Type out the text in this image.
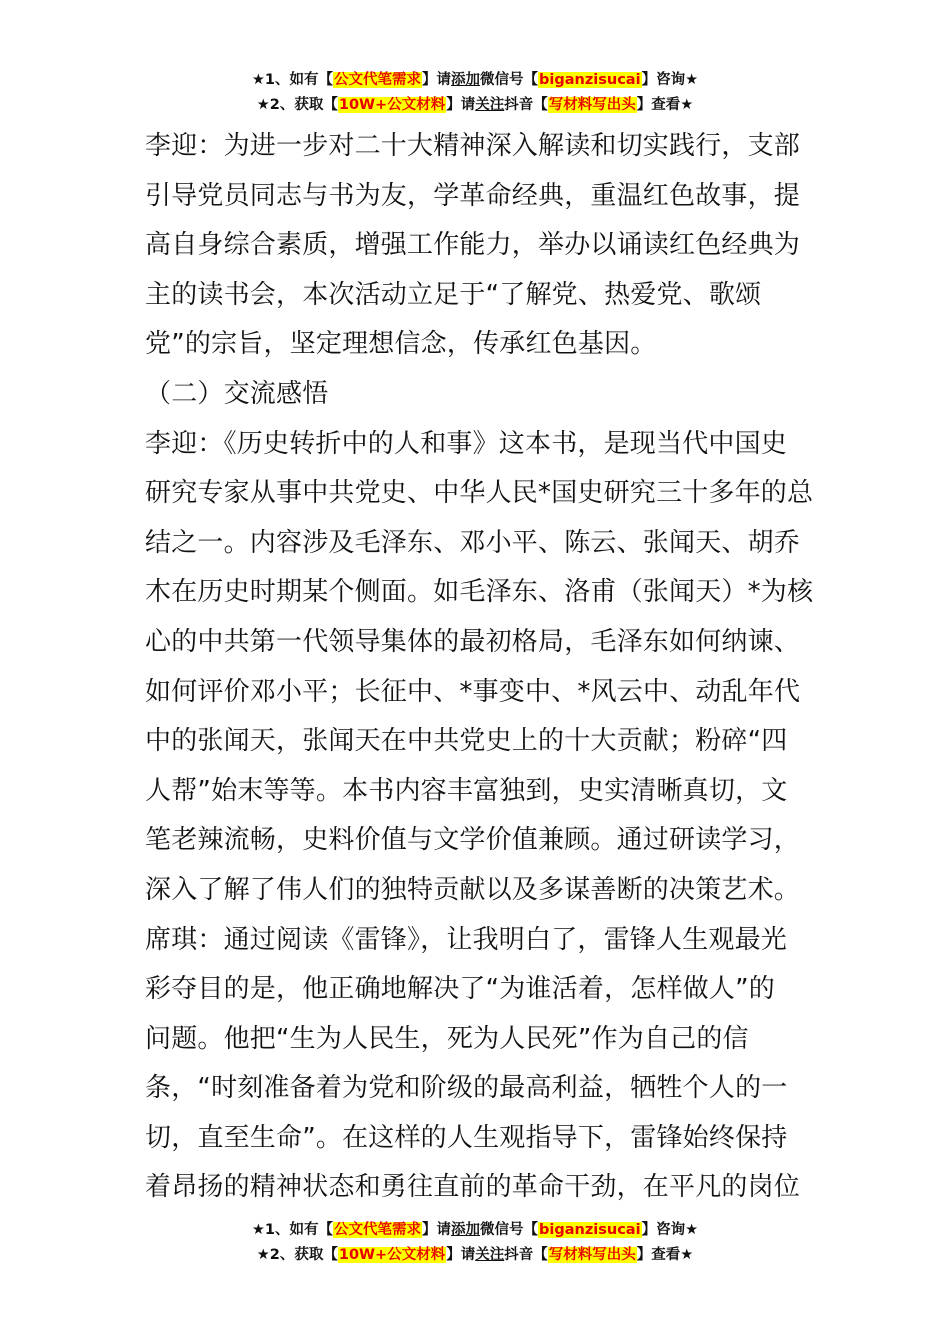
★1、如有【公文代笔需求】请添加微信号【biganzisucai】咨询★
★2、获取【10W+公文材料】请关注抖音【写材料写出头】查看★

李迎：为进一步对二十大精神深入解读和切实践行，支部

引导党员同志与书为友，学革命经典，重温红色故事，提

高自身综合素质，增强工作能力，举办以诵读红色经典为

主的读书会，本次活动立足于“了解党、热爱党、歌颂

党”的宗旨，坚定理想信念，传承红色基因。

（二）交流感悟

李迎：《历史转折中的人和事》这本书，是现当代中国史

研究专家从事中共党史、中华人民*国史研究三十多年的总

结之一。内容涉及毛泽东、邓小平、陈云、张闻天、胡乔

木在历史时期某个侧面。如毛泽东、洛甫（张闻天）*为核

心的中共第一代领导集体的最初格局，毛泽东如何纳谏、

如何评价邓小平；长征中、*事变中、*风云中、动乱年代

中的张闻天，张闻天在中共党史上的十大贡献；粉碎“四

人帮”始末等等。本书内容丰富独到，史实清晰真切，文

笔老辣流畅，史料价值与文学价值兼顾。通过研读学习，

深入了解了伟人们的独特贡献以及多谋善断的决策艺术。

席琪：通过阅读《雷锋》，让我明白了，雷锋人生观最光

彩夺目的是，他正确地解决了“为谁活着，怎样做人”的

问题。他把“生为人民生，死为人民死”作为自己的信

条，“时刻准备着为党和阶级的最高利益，牺牲个人的一

切，直至生命”。在这样的人生观指导下，雷锋始终保持

着昂扬的精神状态和勇往直前的革命干劲，在平凡的岗位

★1、如有【公文代笔需求】请添加微信号【biganzisucai】咨询★
★2、获取【10W+公文材料】请关注抖音【写材料写出头】查看★
